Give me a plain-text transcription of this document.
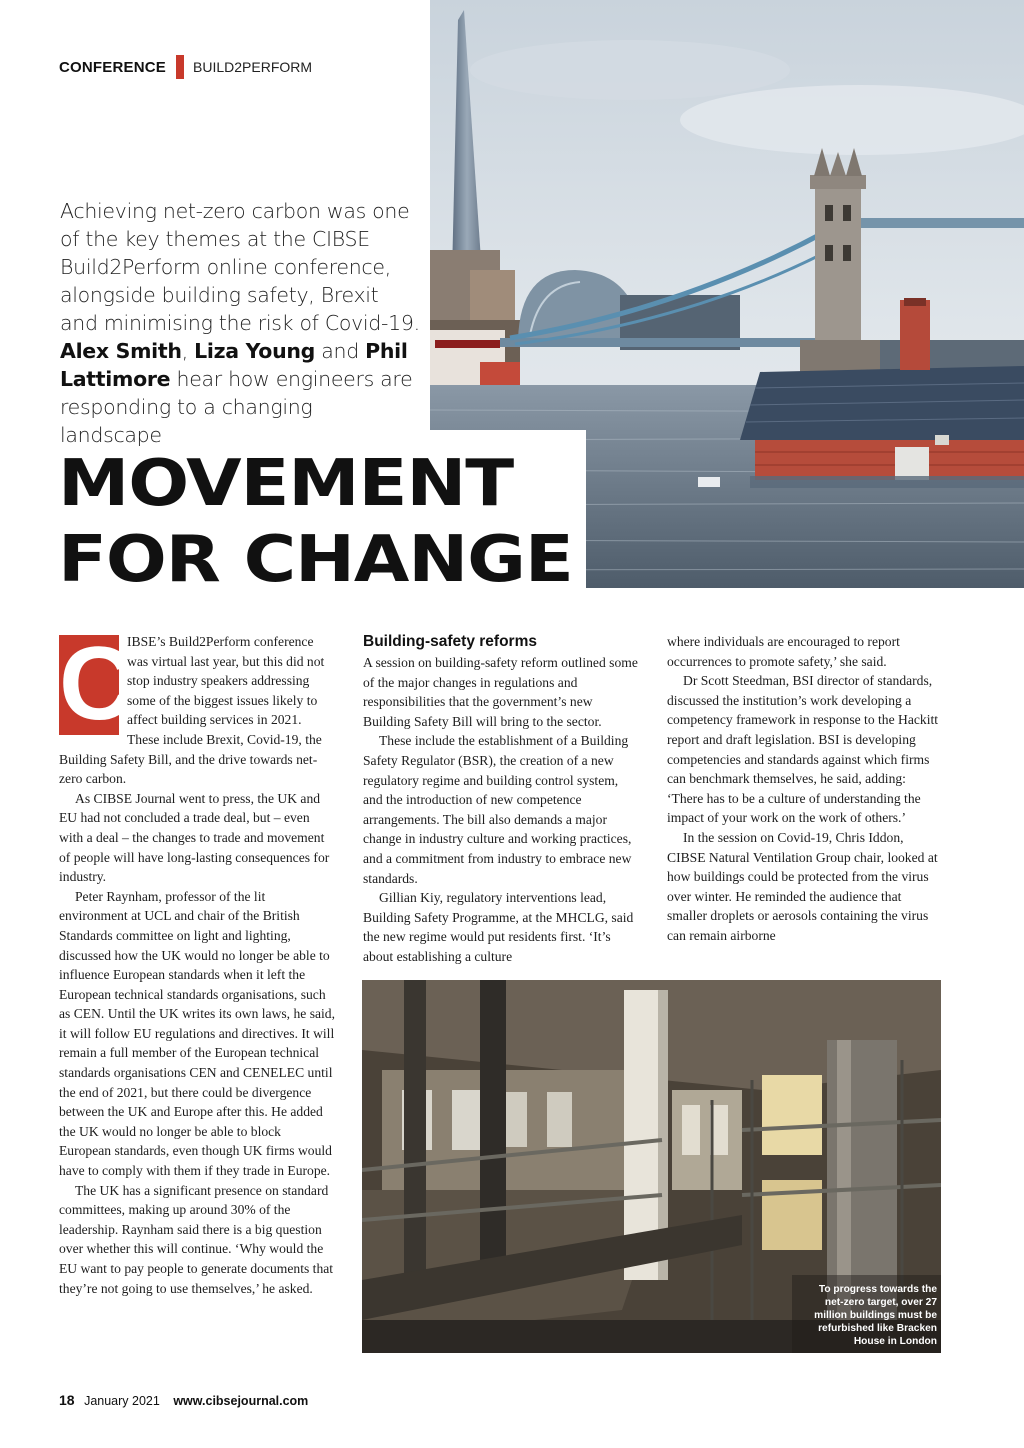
CONFERENCE BUILD2PERFORM
Achieving net-zero carbon was one of the key themes at the CIBSE Build2Perform online conference, alongside building safety, Brexit and minimising the risk of Covid-19. Alex Smith, Liza Young and Phil Lattimore hear how engineers are responding to a changing landscape
MOVEMENT
FOR CHANGE
C

IBSE’s Build2Perform conference was virtual last year, but this did not stop industry speakers addressing some of the biggest issues likely to affect building services in 2021. These include Brexit, Covid-19, the Building Safety Bill, and the drive towards net-zero carbon.

As CIBSE Journal went to press, the UK and EU had not concluded a trade deal, but – even with a deal – the changes to trade and movement of people will have long-lasting consequences for industry.

Peter Raynham, professor of the lit environment at UCL and chair of the British Standards committee on light and lighting, discussed how the UK would no longer be able to influence European standards when it left the European technical standards organisations, such as CEN. Until the UK writes its own laws, he said, it will follow EU regulations and directives. It will remain a full member of the European technical standards organisations CEN and CENELEC until the end of 2021, but there could be divergence between the UK and Europe after this. He added the UK would no longer be able to block European standards, even though UK firms would have to comply with them if they trade in Europe.

The UK has a significant presence on standard committees, making up around 30% of the leadership. Raynham said there is a big question over whether this will continue. ‘Why would the EU want to pay people to generate documents that they’re not going to use themselves,’ he asked.

Building-safety reforms

A session on building-safety reform outlined some of the major changes in regulations and responsibilities that the government’s new Building Safety Bill will bring to the sector.

These include the establishment of a Building Safety Regulator (BSR), the creation of a new regulatory regime and building control system, and the introduction of new competence arrangements. The bill also demands a major change in industry culture and working practices, and a commitment from industry to embrace new standards.

Gillian Kiy, regulatory interventions lead, Building Safety Programme, at the MHCLG, said the new regime would put residents first. ‘It’s about establishing a culture

where individuals are encouraged to report occurrences to promote safety,’ she said.

Dr Scott Steedman, BSI director of standards, discussed the institution’s work developing a competency framework in response to the Hackitt report and draft legislation. BSI is developing competencies and standards against which firms can benchmark themselves, he said, adding: ‘There has to be a culture of understanding the impact of your work on the work of others.’

In the session on Covid-19, Chris Iddon, CIBSE Natural Ventilation Group chair, looked at how buildings could be protected from the virus over winter. He reminded the audience that smaller droplets or aerosols containing the virus can remain airborne

To progress towards the net-zero target, over 27 million buildings must be refurbished like Bracken House in London
18 January 2021 www.cibsejournal.com
